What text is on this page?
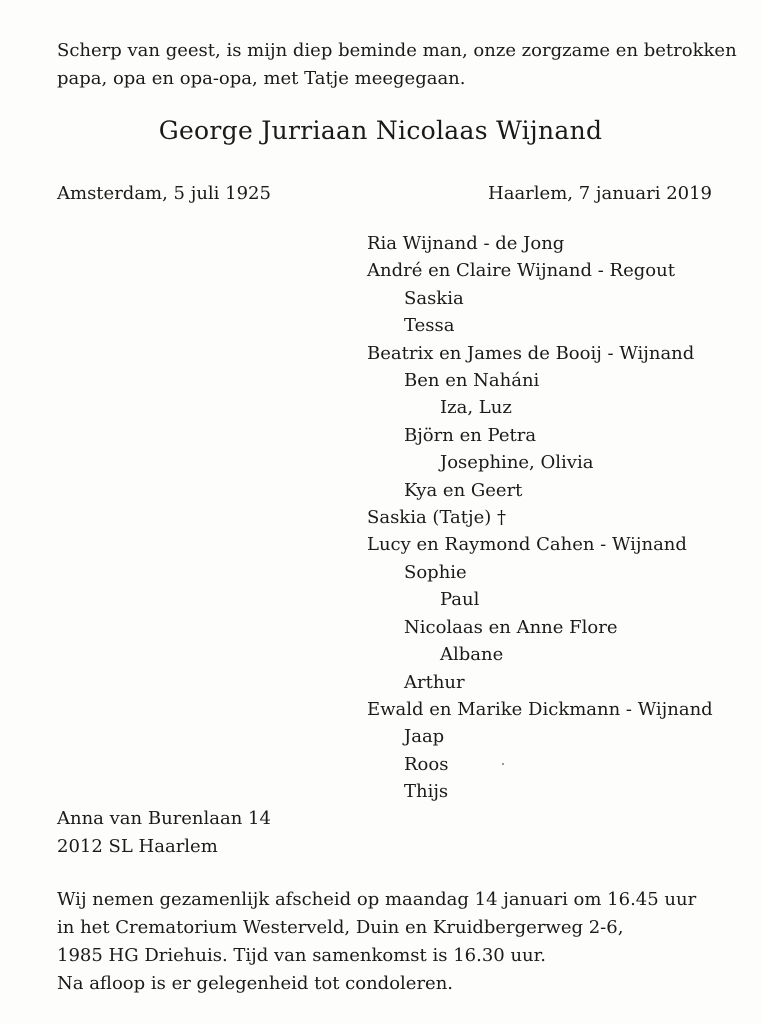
Scherp van geest, is mijn diep beminde man, onze zorgzame en betrokken

papa, opa en opa-opa, met Tatje meegegaan.

George Jurriaan Nicolaas Wijnand
Amsterdam, 5 juli 1925	Haarlem, 7 januari 2019
Ria Wijnand - de Jong
André en Claire Wijnand - Regout
Saskia
Tessa
Beatrix en James de Booij - Wijnand
Ben en Naháni
Iza, Luz
Björn en Petra
Josephine, Olivia
Kya en Geert
Saskia (Tatje) †
Lucy en Raymond Cahen - Wijnand
Sophie
Paul
Nicolaas en Anne Flore
Albane
Arthur
Ewald en Marike Dickmann - Wijnand
Jaap
Roos
Thijs
Anna van Burenlaan 14
2012 SL Haarlem

Wij nemen gezamenlijk afscheid op maandag 14 januari om 16.45 uur

in het Crematorium Westerveld, Duin en Kruidbergerweg 2-6,

1985 HG Driehuis. Tijd van samenkomst is 16.30 uur.

Na afloop is er gelegenheid tot condoleren.
